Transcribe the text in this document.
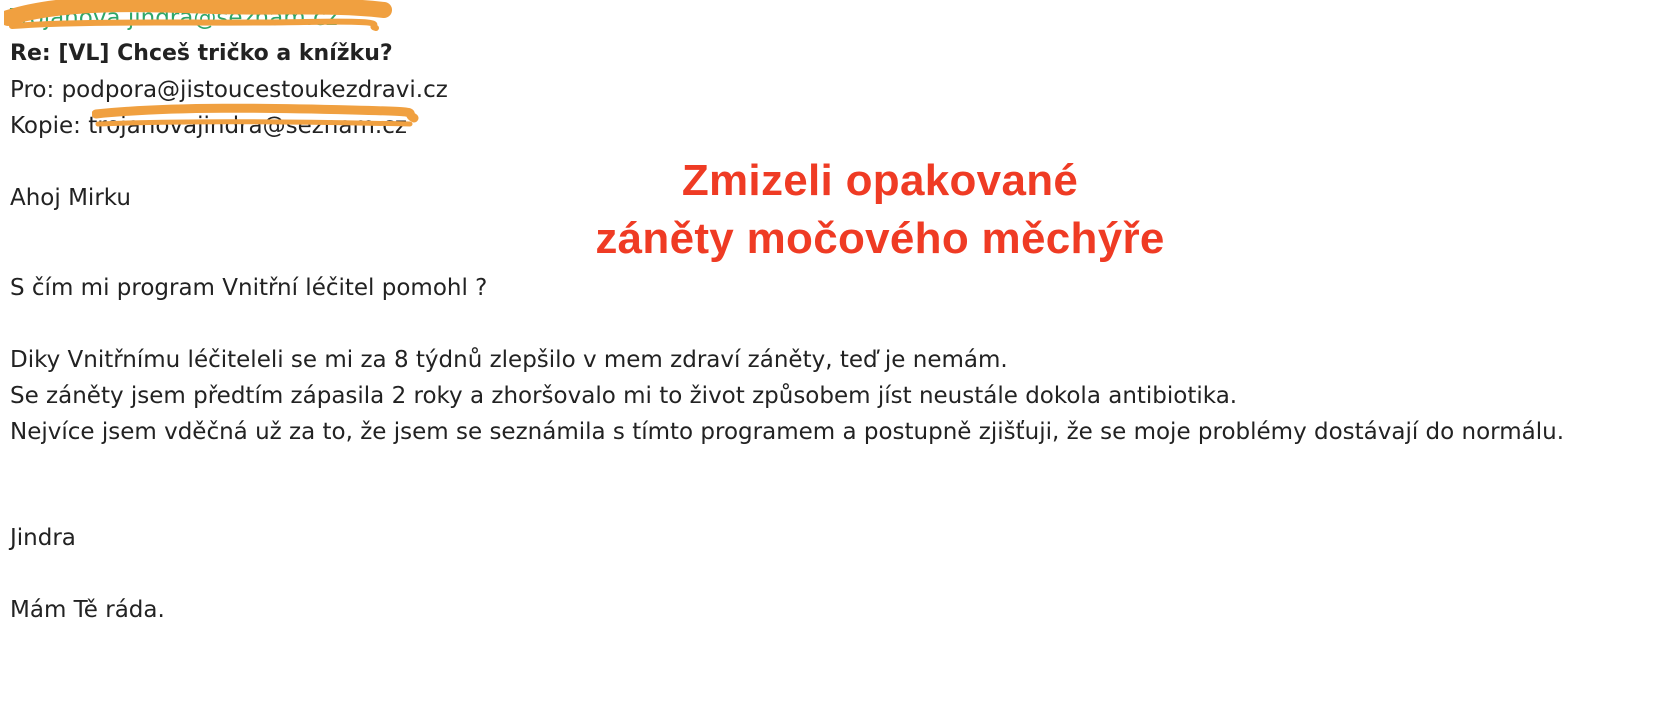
Trojanova.jindra@seznam.cz
Re: [VL] Chceš tričko a knížku?
Pro: podpora@jistoucestoukezdravi.cz
Kopie: trojanovajindra@seznam.cz
Ahoj Mirku
S čím mi program Vnitřní léčitel pomohl ?
Diky Vnitřnímu léčiteleli se mi za 8 týdnů zlepšilo v mem zdraví záněty, teď je nemám.
Se záněty jsem předtím zápasila 2 roky a zhoršovalo mi to život způsobem jíst neustále dokola antibiotika.
Nejvíce jsem vděčná už za to, že jsem se seznámila s tímto programem a postupně zjišťuji, že se moje problémy dostávají do normálu.
Jindra
Mám Tě ráda.
Zmizeli opakované
záněty močového měchýře
